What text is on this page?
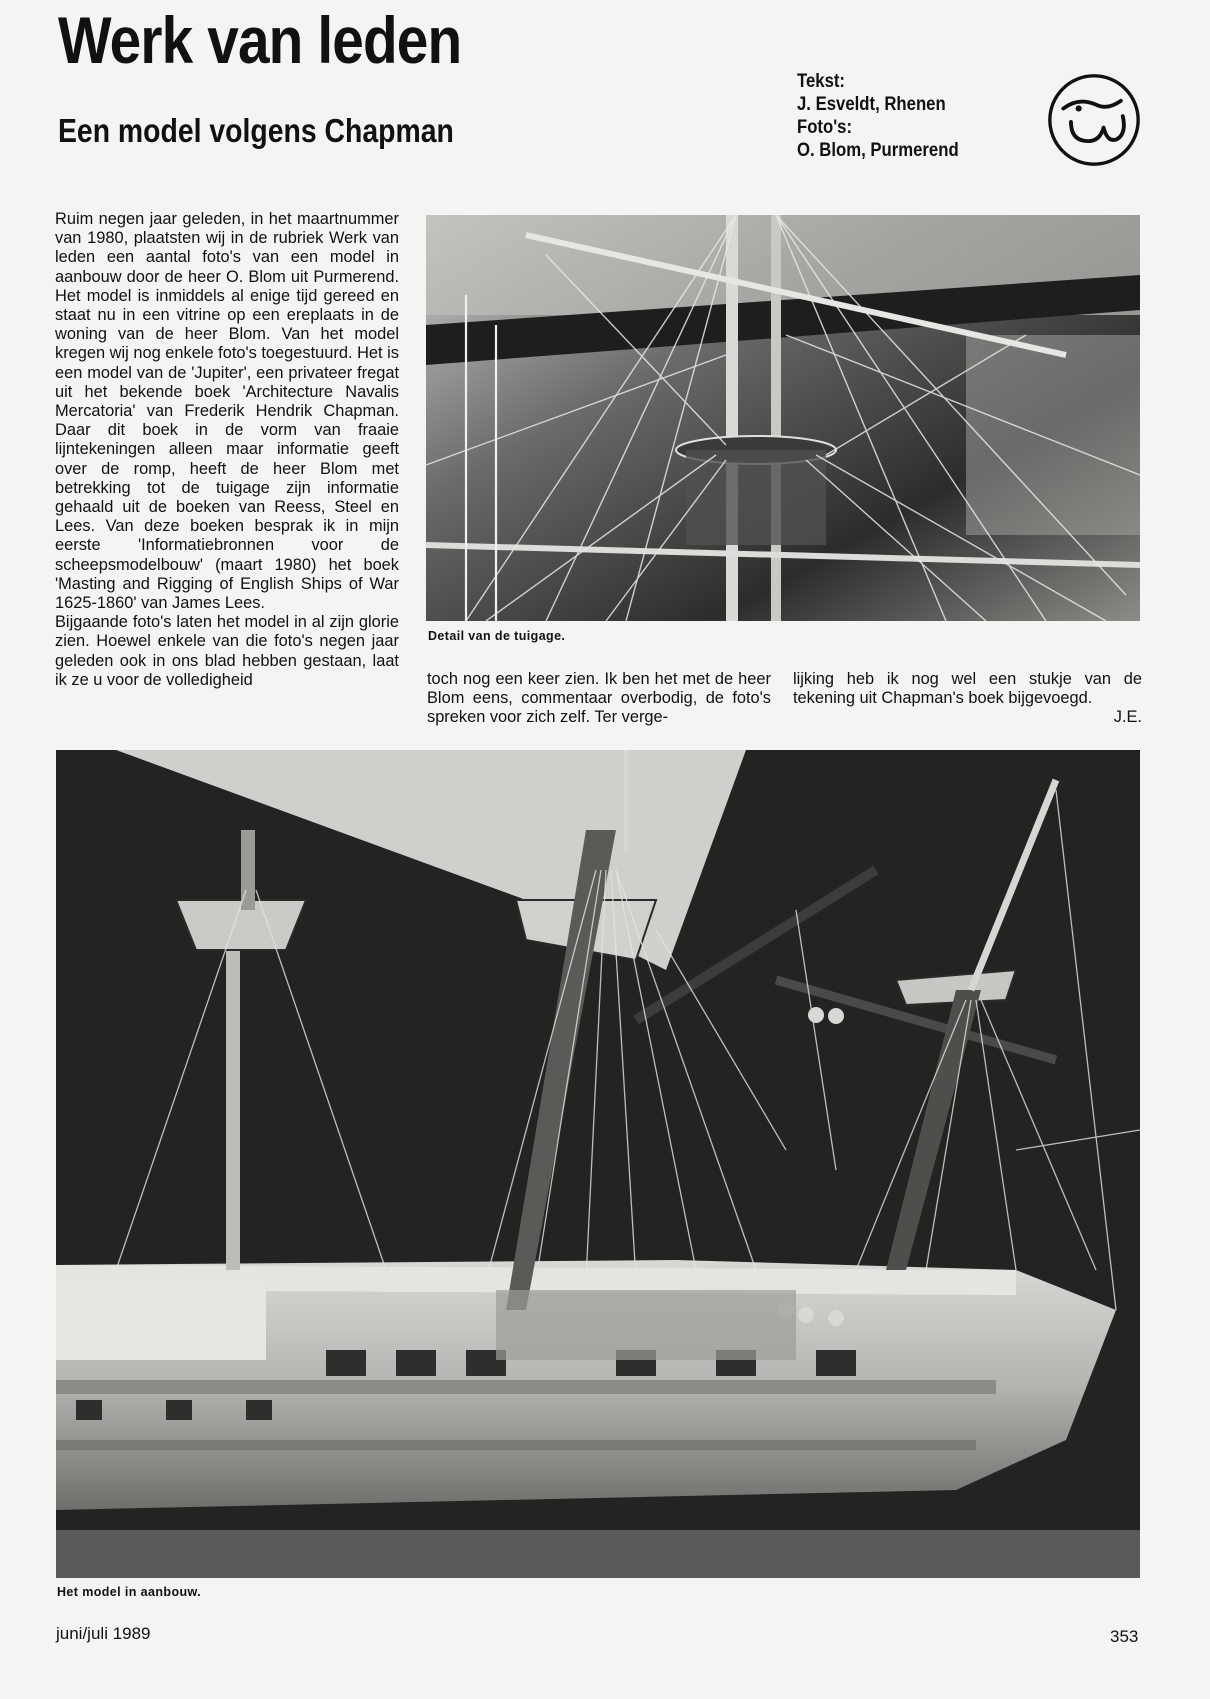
Werk van leden
Een model volgens Chapman
Tekst:
J. Esveldt, Rhenen
Foto's:
O. Blom, Purmerend

Ruim negen jaar geleden, in het maartnummer van 1980, plaatsten wij in de rubriek Werk van leden een aantal foto's van een model in aanbouw door de heer O. Blom uit Purmerend. Het model is inmiddels al enige tijd gereed en staat nu in een vitrine op een ereplaats in de woning van de heer Blom. Van het model kregen wij nog enkele foto's toegestuurd. Het is een model van de 'Jupiter', een privateer fregat uit het bekende boek 'Architecture Navalis Mercatoria' van Frederik Hendrik Chapman. Daar dit boek in de vorm van fraaie lijntekeningen alleen maar informatie geeft over de romp, heeft de heer Blom met betrekking tot de tuigage zijn informatie gehaald uit de boeken van Reess, Steel en Lees. Van deze boeken besprak ik in mijn eerste 'Informatiebronnen voor de scheepsmodelbouw' (maart 1980) het boek 'Masting and Rigging of English Ships of War 1625-1860' van James Lees.

Bijgaande foto's laten het model in al zijn glorie zien. Hoewel enkele van die foto's negen jaar geleden ook in ons blad hebben gestaan, laat ik ze u voor de volledigheid

Detail van de tuigage.
toch nog een keer zien. Ik ben het met de heer Blom eens, commentaar overbodig, de foto's spreken voor zich zelf. Ter verge-
lijking heb ik nog wel een stukje van de tekening uit Chapman's boek bijgevoegd.
J.E.
Het model in aanbouw.
juni/juli 1989	353
